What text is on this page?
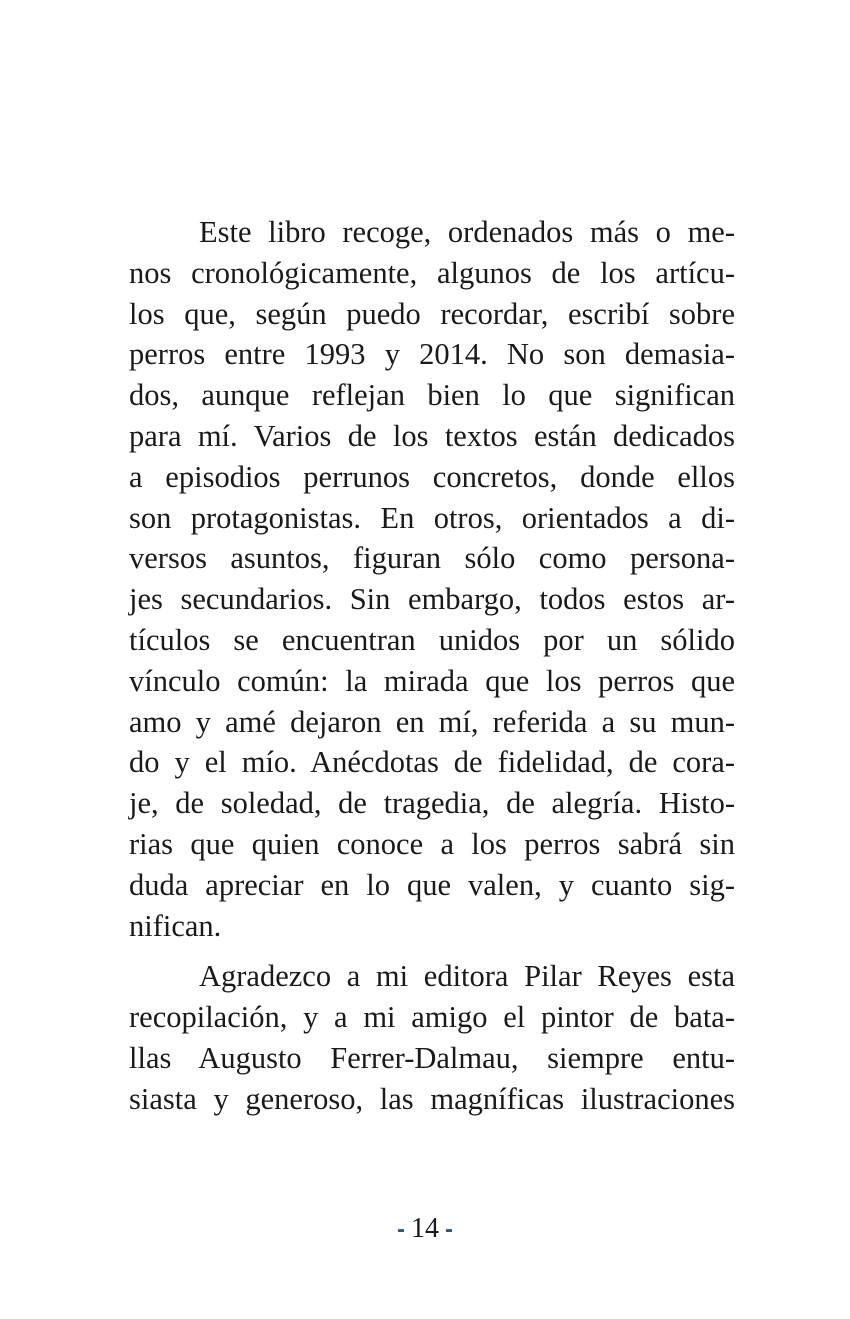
Este libro recoge, ordenados más o me-
nos cronológicamente, algunos de los artícu-
los que, según puedo recordar, escribí sobre
perros entre 1993 y 2014. No son demasia-
dos, aunque reflejan bien lo que significan
para mí. Varios de los textos están dedicados
a episodios perrunos concretos, donde ellos
son protagonistas. En otros, orientados a di-
versos asuntos, figuran sólo como persona-
jes secundarios. Sin embargo, todos estos ar-
tículos se encuentran unidos por un sólido
vínculo común: la mirada que los perros que
amo y amé dejaron en mí, referida a su mun-
do y el mío. Anécdotas de fidelidad, de cora-
je, de soledad, de tragedia, de alegría. Histo-
rias que quien conoce a los perros sabrá sin
duda apreciar en lo que valen, y cuanto sig-
nifican.

Agradezco a mi editora Pilar Reyes esta
recopilación, y a mi amigo el pintor de bata-
llas Augusto Ferrer-Dalmau, siempre entu-
siasta y generoso, las magníficas ilustraciones

- 14 -
